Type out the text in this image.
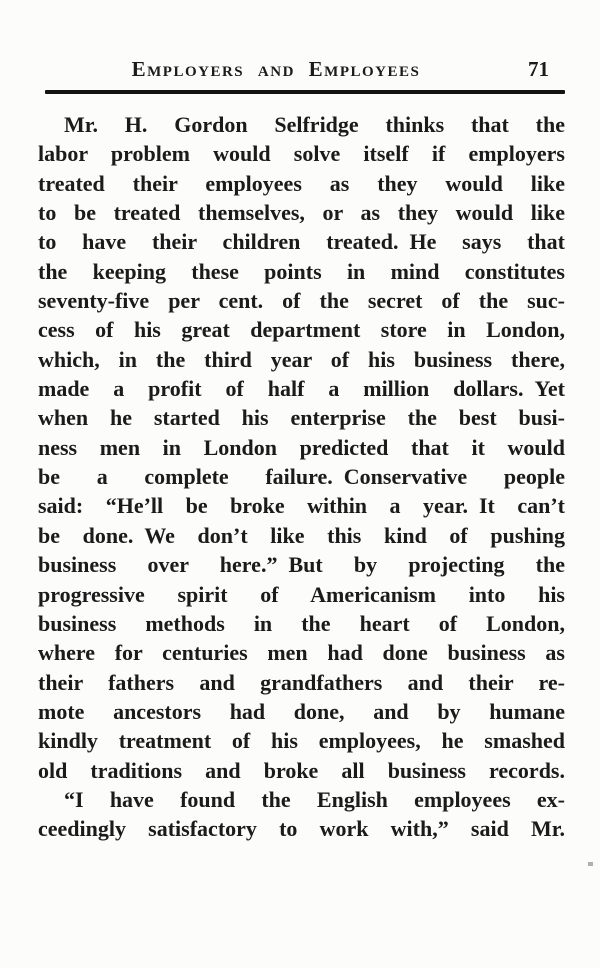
Employers and Employees	71
Mr. H. Gordon Selfridge thinks that the
labor problem would solve itself if employers
treated their employees as they would like
to be treated themselves, or as they would like
to have their children treated. He says that
the keeping these points in mind constitutes
seventy-five per cent. of the secret of the suc-
cess of his great department store in London,
which, in the third year of his business there,
made a profit of half a million dollars. Yet
when he started his enterprise the best busi-
ness men in London predicted that it would
be a complete failure. Conservative people
said: “He’ll be broke within a year. It can’t
be done. We don’t like this kind of pushing
business over here.” But by projecting the
progressive spirit of Americanism into his
business methods in the heart of London,
where for centuries men had done business as
their fathers and grandfathers and their re-
mote ancestors had done, and by humane
kindly treatment of his employees, he smashed
old traditions and broke all business records.
“I have found the English employees ex-
ceedingly satisfactory to work with,” said Mr.
